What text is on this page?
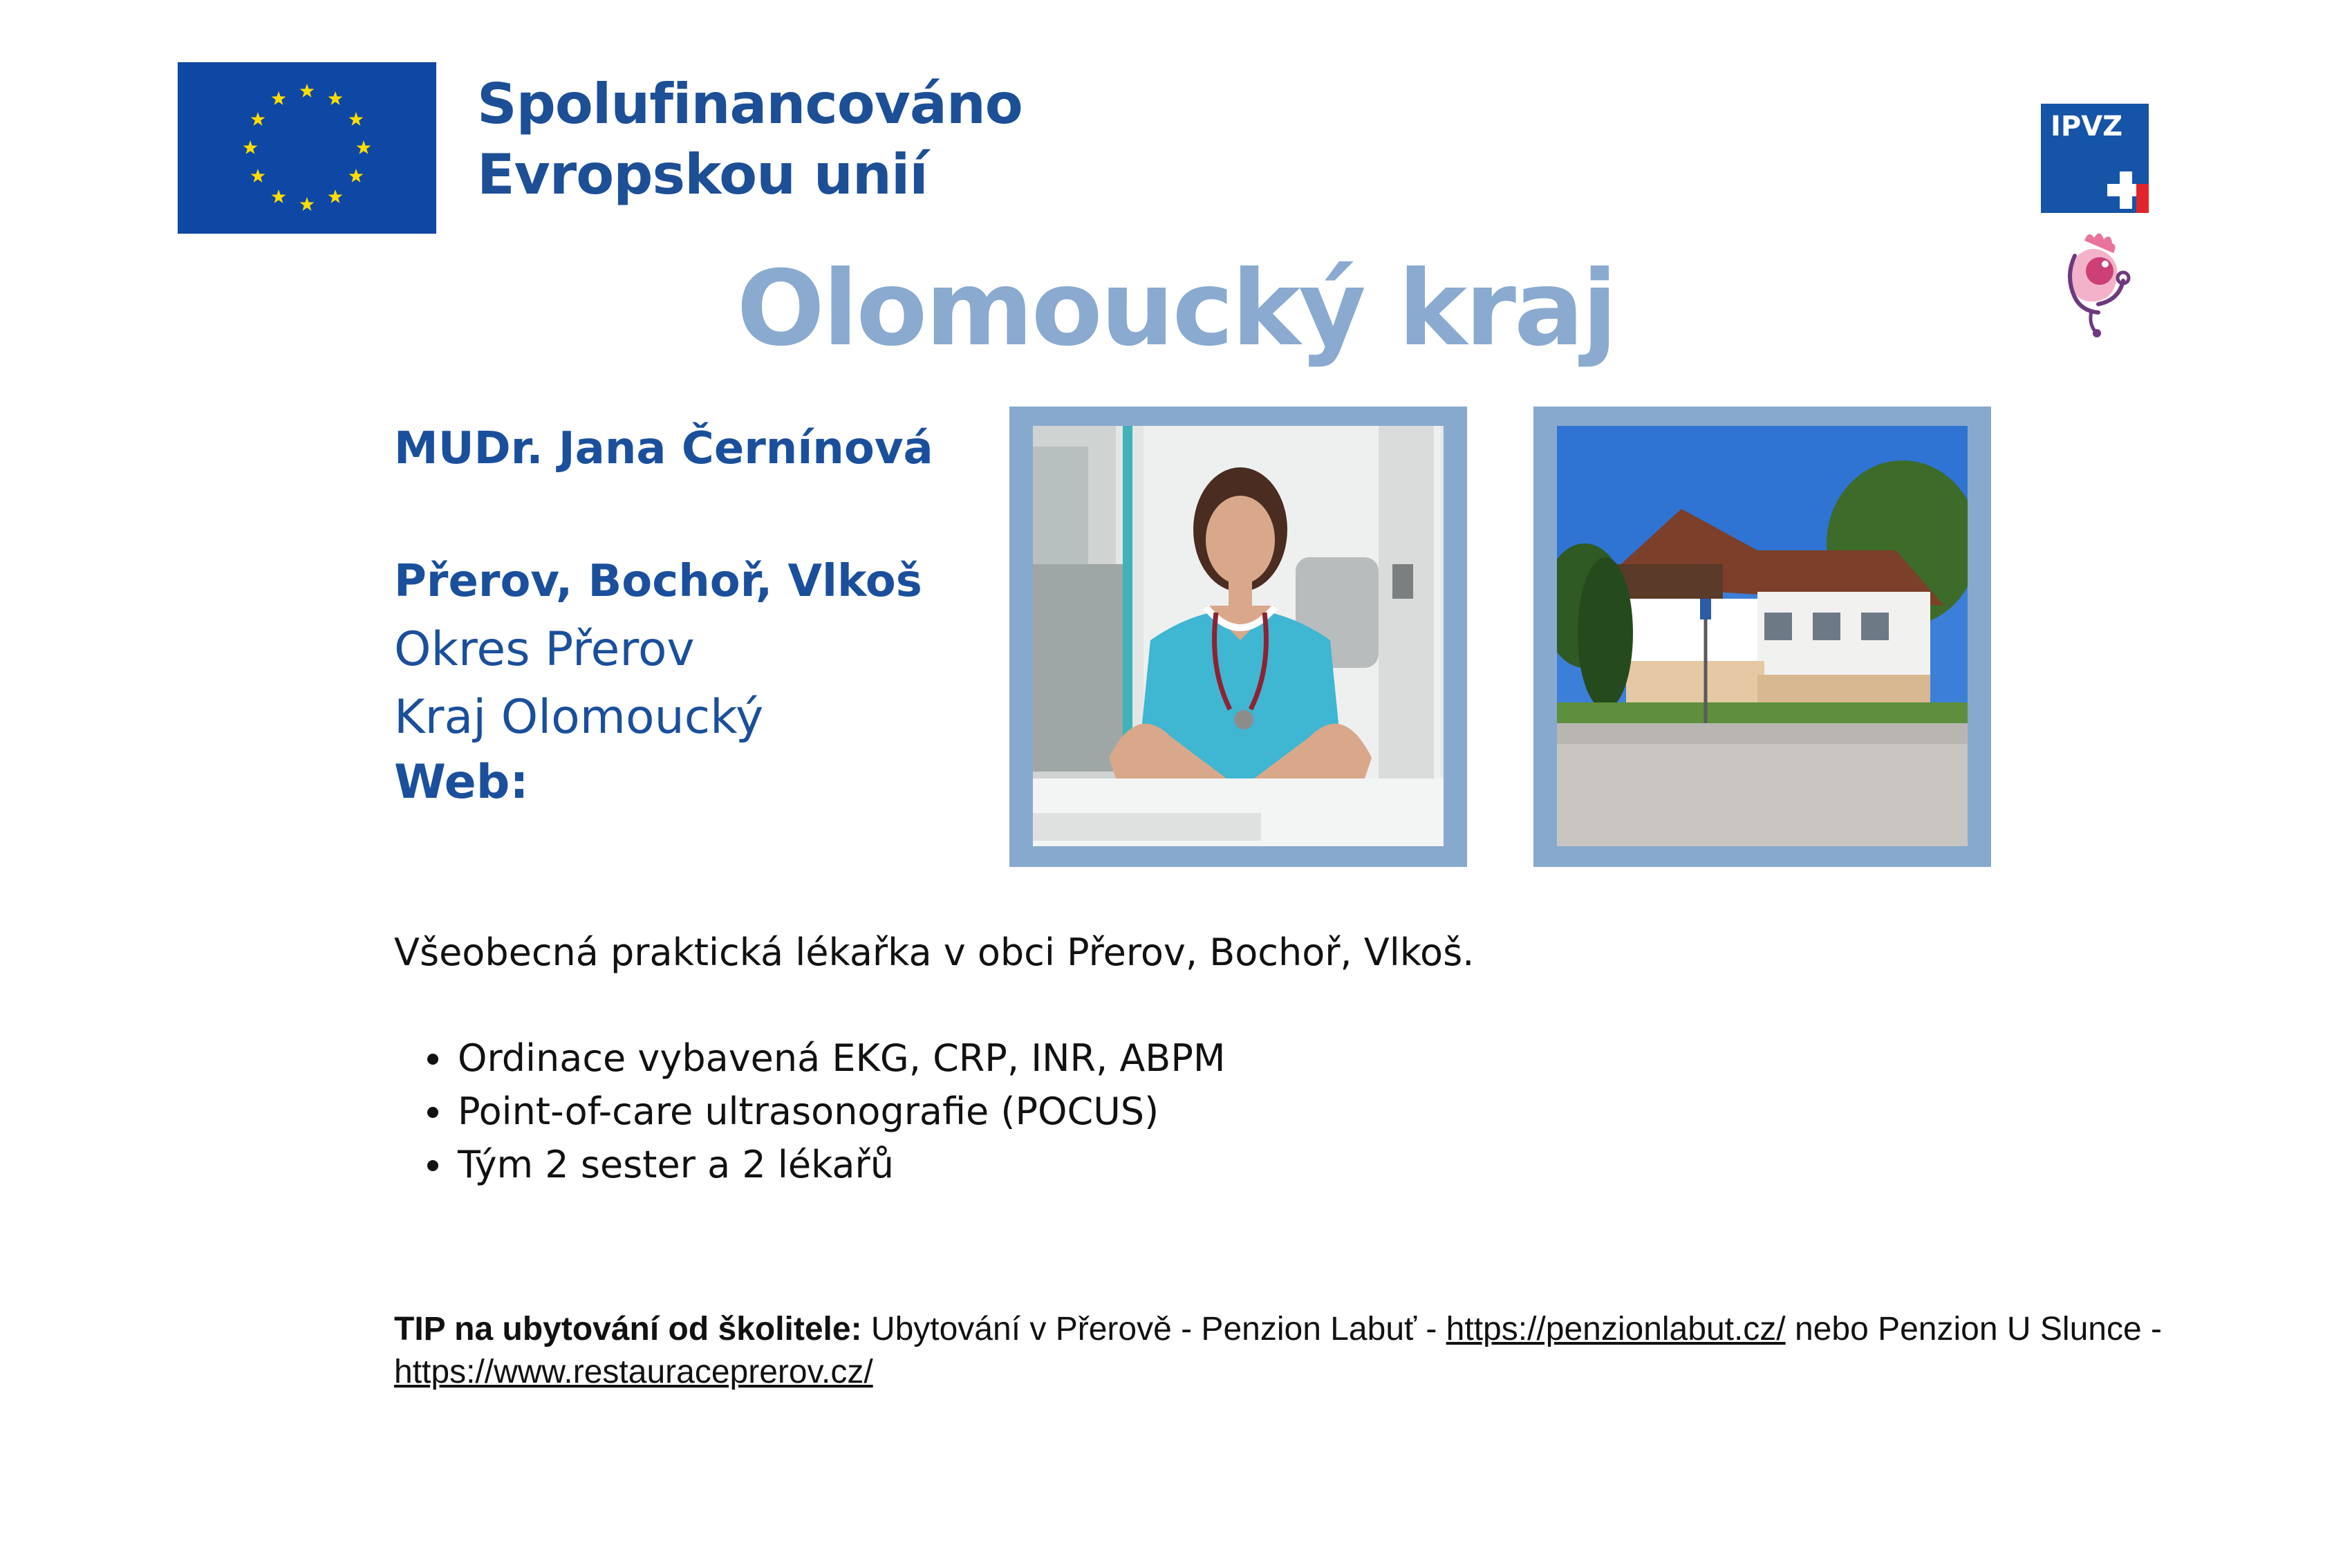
Spolufinancováno
Evropskou unií
IPVZ
Olomoucký kraj
MUDr. Jana Černínová
Přerov, Bochoř, Vlkoš
Okres Přerov
Kraj Olomoucký
Web:
Všeobecná praktická lékařka v obci Přerov, Bochoř, Vlkoš.
Ordinace vybavená EKG, CRP, INR, ABPM
Point-of-care ultrasonografie (POCUS)
Tým 2 sester a 2 lékařů
TIP na ubytování od školitele: Ubytování v Přerově - Penzion Labuť - https://penzionlabut.cz/ nebo Penzion U Slunce - https://www.restauraceprerov.cz/
